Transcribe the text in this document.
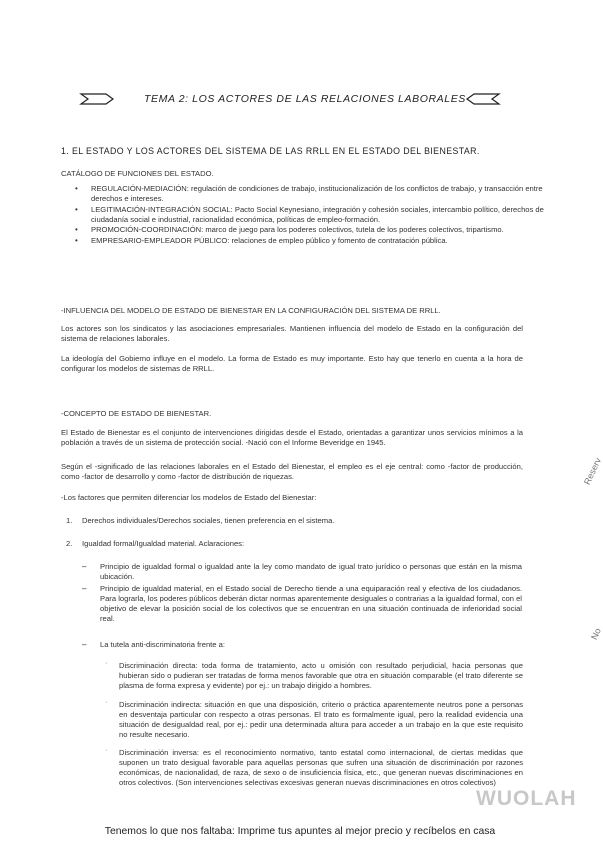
TEMA 2: LOS ACTORES DE LAS RELACIONES LABORALES
1. EL ESTADO Y LOS ACTORES DEL SISTEMA DE LAS RRLL EN EL ESTADO DEL BIENESTAR.
CATÁLOGO DE FUNCIONES DEL ESTADO.
• REGULACIÓN-MEDIACIÓN: regulación de condiciones de trabajo, institucionalización de los conflictos de trabajo, y transacción entre derechos e intereses.
• LEGITIMACIÓN-INTEGRACIÓN SOCIAL: Pacto Social Keynesiano, integración y cohesión sociales, intercambio político, derechos de ciudadanía social e industrial, racionalidad económica, políticas de empleo-formación.
• PROMOCIÓN-COORDINACIÓN: marco de juego para los poderes colectivos, tutela de los poderes colectivos, tripartismo.
• EMPRESARIO-EMPLEADOR PÚBLICO: relaciones de empleo público y fomento de contratación pública.
-INFLUENCIA DEL MODELO DE ESTADO DE BIENESTAR EN LA CONFIGURACIÓN DEL SISTEMA DE RRLL.
Los actores son los sindicatos y las asociaciones empresariales. Mantienen influencia del modelo de Estado en la configuración del sistema de relaciones laborales.
La ideología del Gobierno influye en el modelo. La forma de Estado es muy importante. Esto hay que tenerlo en cuenta a la hora de configurar los modelos de sistemas de RRLL.
-CONCEPTO DE ESTADO DE BIENESTAR.
El Estado de Bienestar es el conjunto de intervenciones dirigidas desde el Estado, orientadas a garantizar unos servicios mínimos a la población a través de un sistema de protección social. -Nació con el Informe Beveridge en 1945.
Según el -significado de las relaciones laborales en el Estado del Bienestar, el empleo es el eje central: como -factor de producción, como -factor de desarrollo y como -factor de distribución de riquezas.
-Los factores que permiten diferenciar los modelos de Estado del Bienestar:
1. Derechos individuales/Derechos sociales, tienen preferencia en el sistema.
2. Igualdad formal/Igualdad material. Aclaraciones:
– Principio de igualdad formal o igualdad ante la ley como mandato de igual trato jurídico o personas que están en la misma ubicación.
– Principio de igualdad material, en el Estado social de Derecho tiende a una equiparación real y efectiva de los ciudadanos. Para lograrla, los poderes públicos deberán dictar normas aparentemente desiguales o contrarias a la igualdad formal, con el objetivo de elevar la posición social de los colectivos que se encuentran en una situación continuada de inferioridad social real.
– La tutela anti-discriminatoria frente a:
· Discriminación directa: toda forma de tratamiento, acto u omisión con resultado perjudicial, hacia personas que hubieran sido o pudieran ser tratadas de forma menos favorable que otra en situación comparable (el trato diferente se plasma de forma expresa y evidente) por ej.: un trabajo dirigido a hombres.
· Discriminación indirecta: situación en que una disposición, criterio o práctica aparentemente neutros pone a personas en desventaja particular con respecto a otras personas. El trato es formalmente igual, pero la realidad evidencia una situación de desigualdad real, por ej.: pedir una determinada altura para acceder a un trabajo en la que este requisito no resulte necesario.
· Discriminación inversa: es el reconocimiento normativo, tanto estatal como internacional, de ciertas medidas que suponen un trato desigual favorable para aquellas personas que sufren una situación de discriminación por razones económicas, de nacionalidad, de raza, de sexo o de insuficiencia física, etc., que generan nuevas discriminaciones en otros colectivos. (Son intervenciones selectivas excesivas generan nuevas discriminaciones en otros colectivos)
Reserv
No
WUOLAH
Tenemos lo que nos faltaba: Imprime tus apuntes al mejor precio y recíbelos en casa
